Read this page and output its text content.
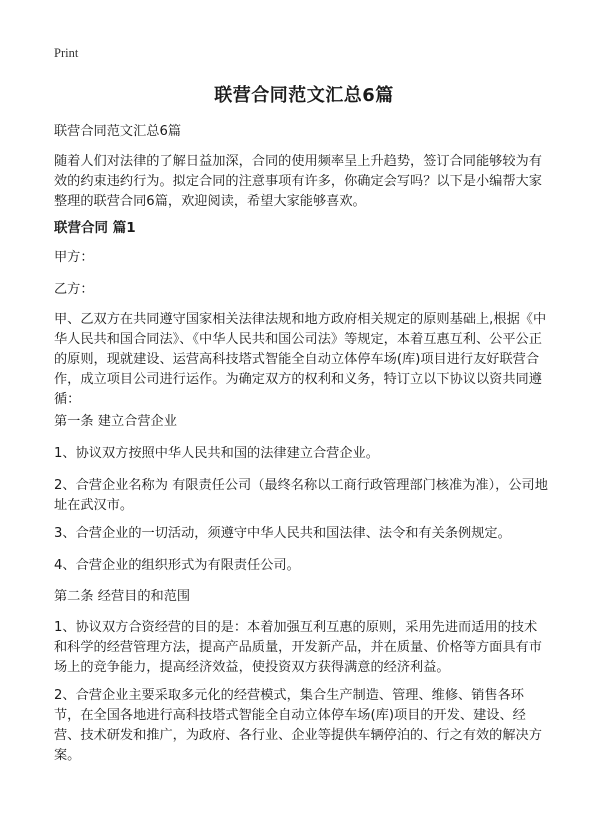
Print
联营合同范文汇总6篇

联营合同范文汇总6篇

随着人们对法律的了解日益加深，合同的使用频率呈上升趋势，签订合同能够较为有效的约束违约行为。拟定合同的注意事项有许多，你确定会写吗？以下是小编帮大家整理的联营合同6篇，欢迎阅读，希望大家能够喜欢。

联营合同 篇1

甲方：

乙方：

甲、乙双方在共同遵守国家相关法律法规和地方政府相关规定的原则基础上,根据《中华人民共和国合同法》、《中华人民共和国公司法》等规定，本着互惠互利、公平公正的原则，现就建设、运营高科技塔式智能全自动立体停车场(库)项目进行友好联营合作，成立项目公司进行运作。为确定双方的权利和义务，特订立以下协议以资共同遵循：

第一条 建立合营企业

1、协议双方按照中华人民共和国的法律建立合营企业。

2、合营企业名称为 有限责任公司（最终名称以工商行政管理部门核准为准），公司地址在武汉市。

3、合营企业的一切活动，须遵守中华人民共和国法律、法令和有关条例规定。

4、合营企业的组织形式为有限责任公司。

第二条 经营目的和范围

1、协议双方合资经营的目的是：本着加强互利互惠的原则，采用先进而适用的技术和科学的经营管理方法，提高产品质量，开发新产品，并在质量、价格等方面具有市场上的竞争能力，提高经济效益，使投资双方获得满意的经济利益。

2、合营企业主要采取多元化的经营模式，集合生产制造、管理、维修、销售各环节，在全国各地进行高科技塔式智能全自动立体停车场(库)项目的开发、建设、经营、技术研发和推广，为政府、各行业、企业等提供车辆停泊的、行之有效的解决方案。
